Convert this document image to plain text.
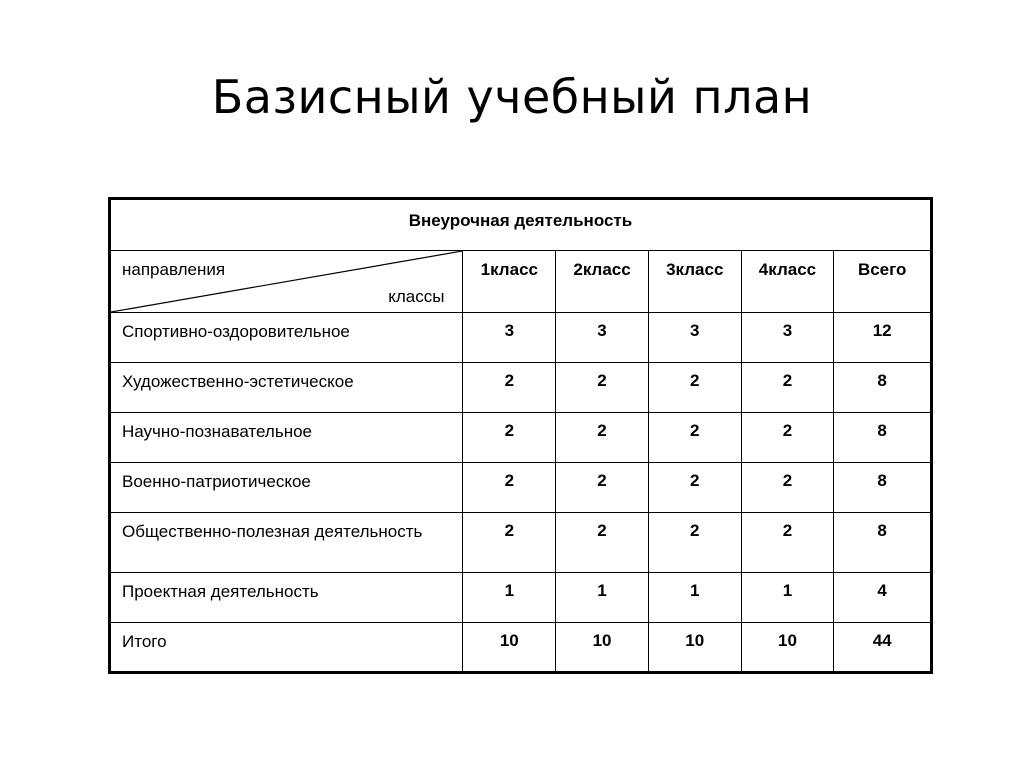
Базисный учебный план
Внеурочная деятельность					

направления
классы	1класс	2класс	3класс	4класс	Всего
Спортивно-оздоровительное	3	3	3	3	12
Художественно-эстетическое	2	2	2	2	8
Научно-познавательное	2	2	2	2	8
Военно-патриотическое	2	2	2	2	8
Общественно-полезная деятельность	2	2	2	2	8
Проектная деятельность	1	1	1	1	4
Итого	10	10	10	10	44
